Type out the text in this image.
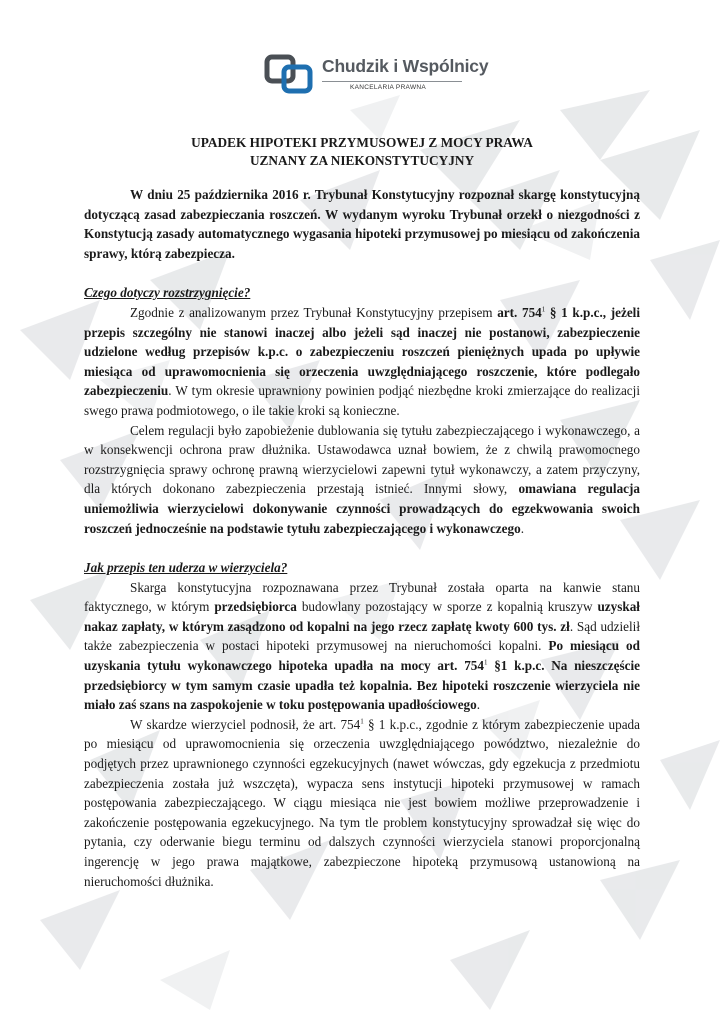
Chudzik i Wspólnicy
KANCELARIA PRAWNA
UPADEK HIPOTEKI PRZYMUSOWEJ Z MOCY PRAWA
UZNANY ZA NIEKONSTYTUCYJNY

W dniu 25 października 2016 r. Trybunał Konstytucyjny rozpoznał skargę konstytucyjną dotyczącą zasad zabezpieczania roszczeń. W wydanym wyroku Trybunał orzekł o niezgodności z Konstytucją zasady automatycznego wygasania hipoteki przymusowej po miesiącu od zakończenia sprawy, którą zabezpiecza.

Czego dotyczy rozstrzygnięcie?

Zgodnie z analizowanym przez Trybunał Konstytucyjny przepisem art. $754^1$ § 1 k.p.c., jeżeli przepis szczególny nie stanowi inaczej albo jeżeli sąd inaczej nie postanowi, zabezpieczenie udzielone według przepisów k.p.c. o zabezpieczeniu roszczeń pieniężnych upada po upływie miesiąca od uprawomocnienia się orzeczenia uwzględniającego roszczenie, które podlegało zabezpieczeniu. W tym okresie uprawniony powinien podjąć niezbędne kroki zmierzające do realizacji swego prawa podmiotowego, o ile takie kroki są konieczne.

Celem regulacji było zapobieżenie dublowania się tytułu zabezpieczającego i wykonawczego, a w konsekwencji ochrona praw dłużnika. Ustawodawca uznał bowiem, że z chwilą prawomocnego rozstrzygnięcia sprawy ochronę prawną wierzycielowi zapewni tytuł wykonawczy, a zatem przyczyny, dla których dokonano zabezpieczenia przestają istnieć. Innymi słowy, omawiana regulacja uniemożliwia wierzycielowi dokonywanie czynności prowadzących do egzekwowania swoich roszczeń jednocześnie na podstawie tytułu zabezpieczającego i wykonawczego.

Jak przepis ten uderza w wierzyciela?

Skarga konstytucyjna rozpoznawana przez Trybunał została oparta na kanwie stanu faktycznego, w którym przedsiębiorca budowlany pozostający w sporze z kopalnią kruszyw uzyskał nakaz zapłaty, w którym zasądzono od kopalni na jego rzecz zapłatę kwoty 600 tys. zł. Sąd udzielił także zabezpieczenia w postaci hipoteki przymusowej na nieruchomości kopalni. Po miesiącu od uzyskania tytułu wykonawczego hipoteka upadła na mocy art. $754^1$ §1 k.p.c. Na nieszczęście przedsiębiorcy w tym samym czasie upadła też kopalnia. Bez hipoteki roszczenie wierzyciela nie miało zaś szans na zaspokojenie w toku postępowania upadłościowego.

W skardze wierzyciel podnosił, że art. $754^1$ § 1 k.p.c., zgodnie z którym zabezpieczenie upada po miesiącu od uprawomocnienia się orzeczenia uwzględniającego powództwo, niezależnie do podjętych przez uprawnionego czynności egzekucyjnych (nawet wówczas, gdy egzekucja z przedmiotu zabezpieczenia została już wszczęta), wypacza sens instytucji hipoteki przymusowej w ramach postępowania zabezpieczającego. W ciągu miesiąca nie jest bowiem możliwe przeprowadzenie i zakończenie postępowania egzekucyjnego. Na tym tle problem konstytucyjny sprowadzał się więc do pytania, czy oderwanie biegu terminu od dalszych czynności wierzyciela stanowi proporcjonalną ingerencję w jego prawa majątkowe, zabezpieczone hipoteką przymusową ustanowioną na nieruchomości dłużnika.
